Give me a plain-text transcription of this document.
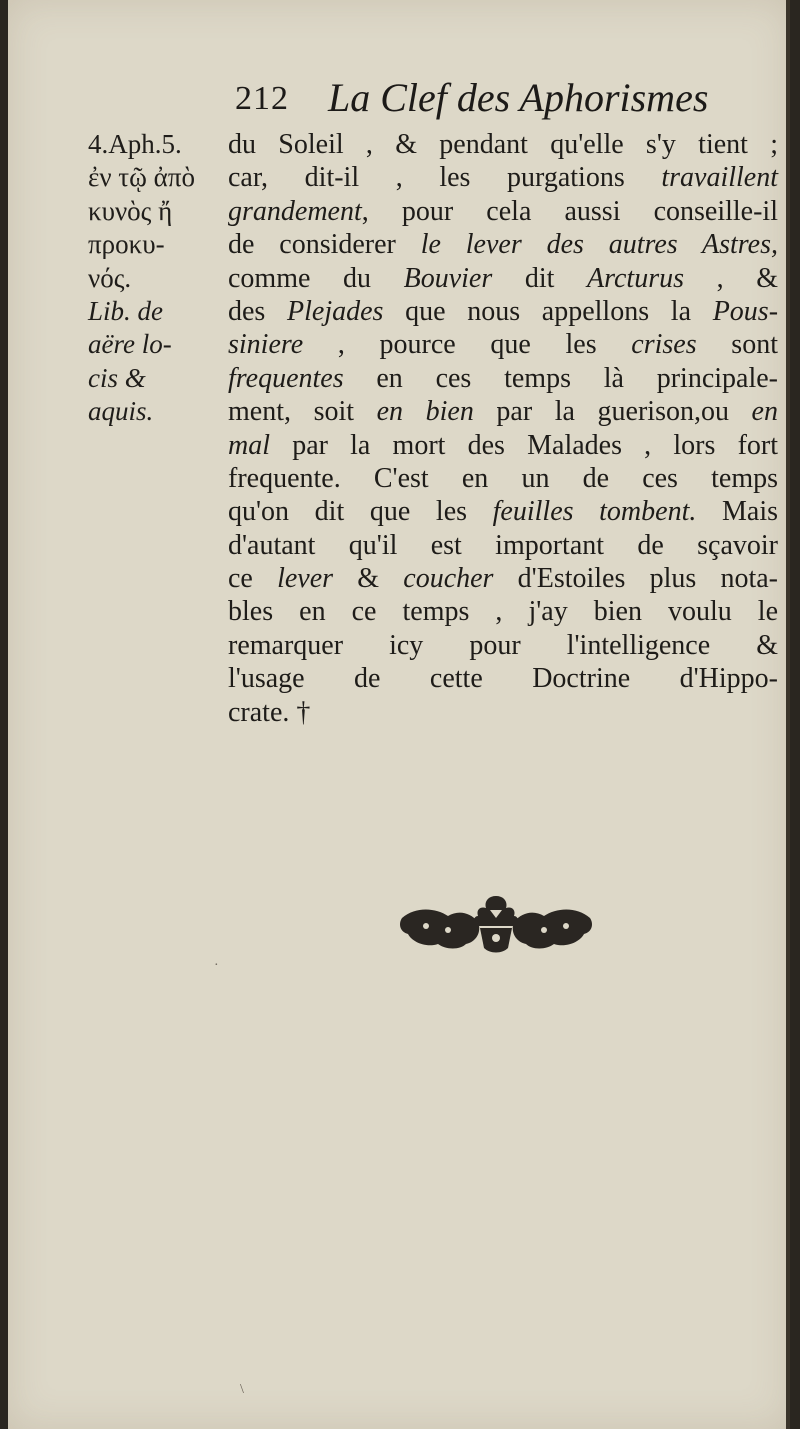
212 La Clef des Aphorismes
4.Aph.5.
ἐν τῷ ἀπὸ
κυνὸς ἤ
προκυ-
νός.
Lib. de
aëre lo-
cis &
aquis.
du Soleil , & pendant qu'elle s'y tient ;
car, dit-il , les purgations travaillent
grandement, pour cela aussi conseille-il
de considerer le lever des autres Astres,
comme du Bouvier dit Arcturus , &
des Plejades que nous appellons la Pous-
siniere , pource que les crises sont
frequentes en ces temps là principale-
ment, soit en bien par la guerison,ou en
mal par la mort des Malades , lors fort
frequente. C'est en un de ces temps
qu'on dit que les feuilles tombent. Mais
d'autant qu'il est important de sçavoir
ce lever & coucher d'Estoiles plus nota-
bles en ce temps , j'ay bien voulu le
remarquer icy pour l'intelligence &
l'usage de cette Doctrine d'Hippo-
crate. †
·
\
